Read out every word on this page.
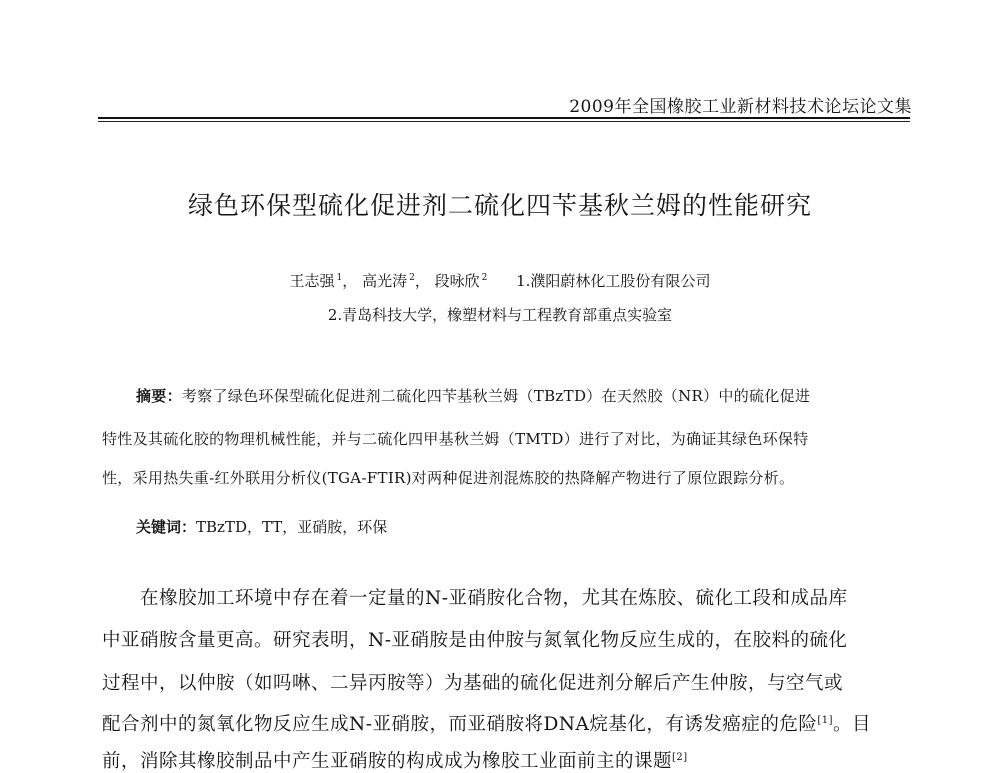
2009年全国橡胶工业新材料技术论坛论文集
绿色环保型硫化促进剂二硫化四苄基秋兰姆的性能研究
王志强 $^1$， 高光涛 $^2$， 段咏欣 $^2$ 1.濮阳蔚林化工股份有限公司
2.青岛科技大学，橡塑材料与工程教育部重点实验室
摘要：考察了绿色环保型硫化促进剂二硫化四苄基秋兰姆（TBzTD）在天然胶（NR）中的硫化促进
特性及其硫化胶的物理机械性能，并与二硫化四甲基秋兰姆（TMTD）进行了对比，为确证其绿色环保特
性，采用热失重-红外联用分析仪(TGA-FTIR)对两种促进剂混炼胶的热降解产物进行了原位跟踪分析。
关键词：TBzTD，TT，亚硝胺，环保
在橡胶加工环境中存在着一定量的N-亚硝胺化合物，尤其在炼胶、硫化工段和成品库
中亚硝胺含量更高。研究表明，N-亚硝胺是由仲胺与氮氧化物反应生成的，在胶料的硫化
过程中，以仲胺（如吗啉、二异丙胺等）为基础的硫化促进剂分解后产生仲胺，与空气或
配合剂中的氮氧化物反应生成N-亚硝胺，而亚硝胺将DNA烷基化，有诱发癌症的危险[1]。目
前，消除其橡胶制品中产生亚硝胺的构成成为橡胶工业面前主的课题[2]
